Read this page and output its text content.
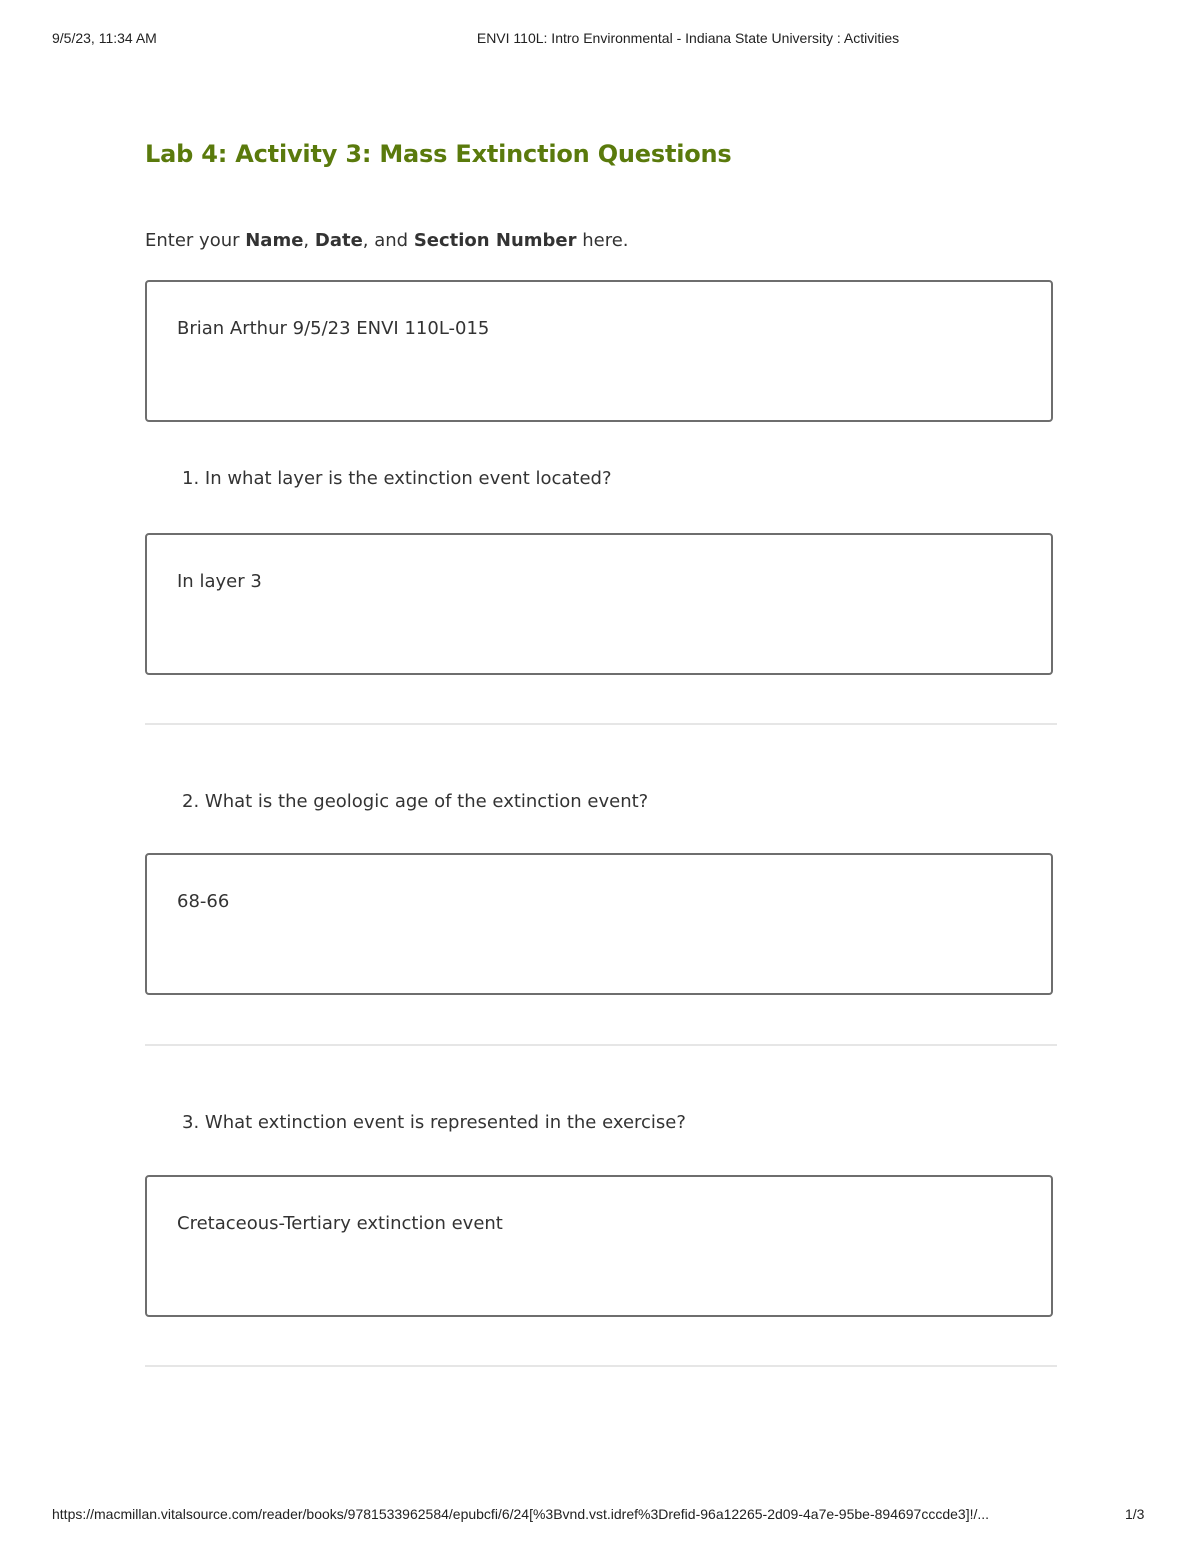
9/5/23, 11:34 AM	ENVI 110L: Intro Environmental - Indiana State University : Activities
Lab 4: Activity 3: Mass Extinction Questions
Enter your Name, Date, and Section Number here.
Brian Arthur 9/5/23 ENVI 110L-015
1. In what layer is the extinction event located?
In layer 3
2. What is the geologic age of the extinction event?
68-66
3. What extinction event is represented in the exercise?
Cretaceous-Tertiary extinction event
https://macmillan.vitalsource.com/reader/books/9781533962584/epubcfi/6/24[%3Bvnd.vst.idref%3Drefid-96a12265-2d09-4a7e-95be-894697cccde3]!/...	1/3
